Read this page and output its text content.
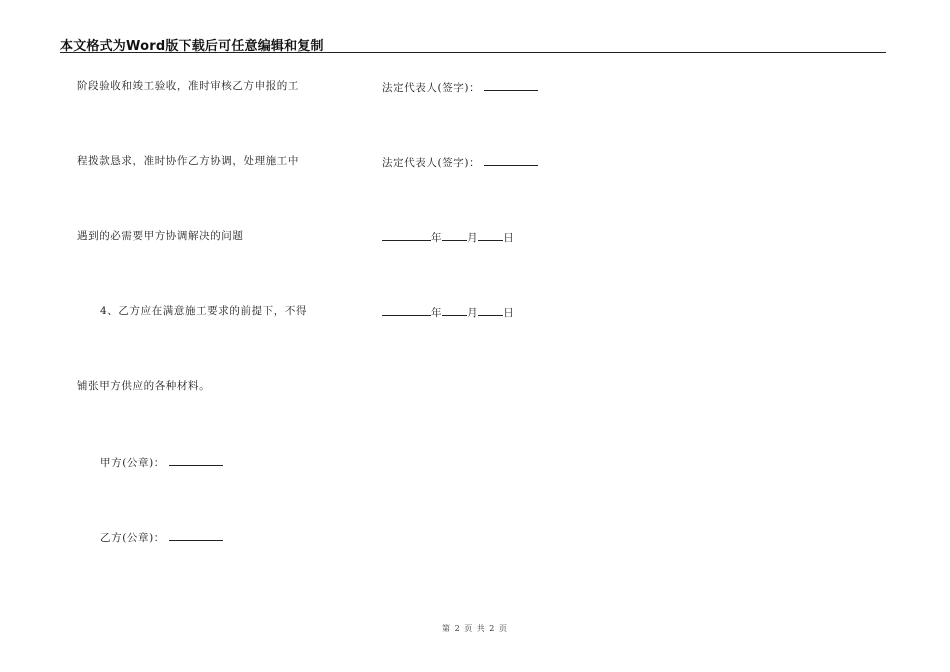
本文格式为Word版下载后可任意编辑和复制
阶段验收和竣工验收，准时审核乙方申报的工
程拨款恳求，准时协作乙方协调，处理施工中
遇到的必需要甲方协调解决的问题
4、乙方应在满意施工要求的前提下，不得
铺张甲方供应的各种材料。
甲方(公章)：
乙方(公章)：
法定代表人(签字)：
法定代表人(签字)：
年 月 日
年 月 日
第 2 页 共 2 页
